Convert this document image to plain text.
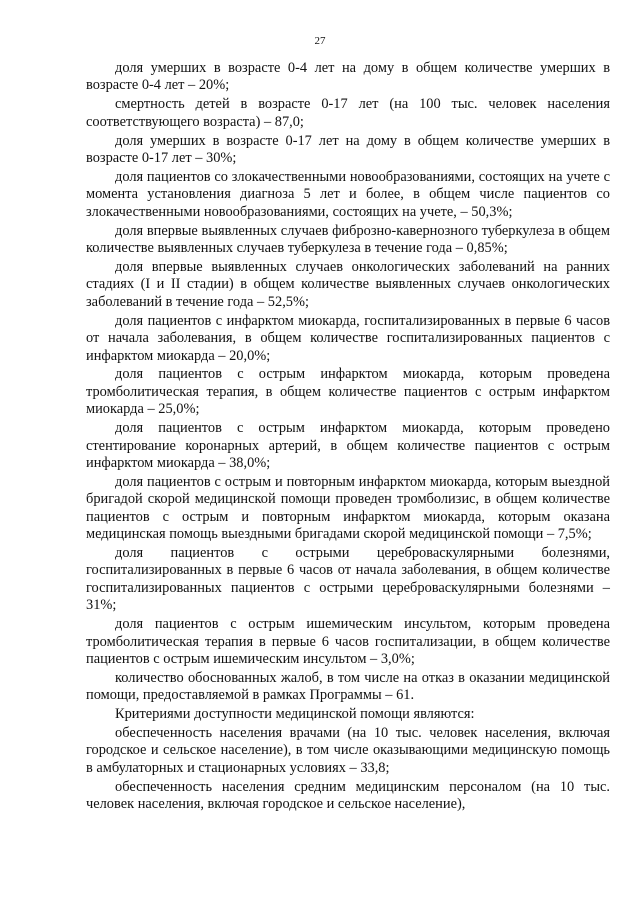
27

доля умерших в возрасте 0-4 лет на дому в общем количестве умерших в возрасте 0-4 лет – 20%;

смертность детей в возрасте 0-17 лет (на 100 тыс. человек населения соответствующего возраста) – 87,0;

доля умерших в возрасте 0-17 лет на дому в общем количестве умерших в возрасте 0-17 лет – 30%;

доля пациентов со злокачественными новообразованиями, состоящих на учете с момента установления диагноза 5 лет и более, в общем числе пациентов со злокачественными новообразованиями, состоящих на учете, – 50,3%;

доля впервые выявленных случаев фиброзно-кавернозного туберкулеза в общем количестве выявленных случаев туберкулеза в течение года – 0,85%;

доля впервые выявленных случаев онкологических заболеваний на ранних стадиях (I и II стадии) в общем количестве выявленных случаев онкологических заболеваний в течение года – 52,5%;

доля пациентов с инфарктом миокарда, госпитализированных в первые 6 часов от начала заболевания, в общем количестве госпитализированных пациентов с инфарктом миокарда – 20,0%;

доля пациентов с острым инфарктом миокарда, которым проведена тромболитическая терапия, в общем количестве пациентов с острым инфарктом миокарда – 25,0%;

доля пациентов с острым инфарктом миокарда, которым проведено стентирование коронарных артерий, в общем количестве пациентов с острым инфарктом миокарда – 38,0%;

доля пациентов с острым и повторным инфарктом миокарда, которым выездной бригадой скорой медицинской помощи проведен тромболизис, в общем количестве пациентов с острым и повторным инфарктом миокарда, которым оказана медицинская помощь выездными бригадами скорой медицинской помощи – 7,5%;

доля пациентов с острыми цереброваскулярными болезнями, госпитализированных в первые 6 часов от начала заболевания, в общем количестве госпитализированных пациентов с острыми цереброваскулярными болезнями – 31%;

доля пациентов с острым ишемическим инсультом, которым проведена тромболитическая терапия в первые 6 часов госпитализации, в общем количестве пациентов с острым ишемическим инсультом – 3,0%;

количество обоснованных жалоб, в том числе на отказ в оказании медицинской помощи, предоставляемой в рамках Программы – 61.

Критериями доступности медицинской помощи являются:

обеспеченность населения врачами (на 10 тыс. человек населения, включая городское и сельское население), в том числе оказывающими медицинскую помощь в амбулаторных и стационарных условиях – 33,8;

обеспеченность населения средним медицинским персоналом (на 10 тыс. человек населения, включая городское и сельское население),
